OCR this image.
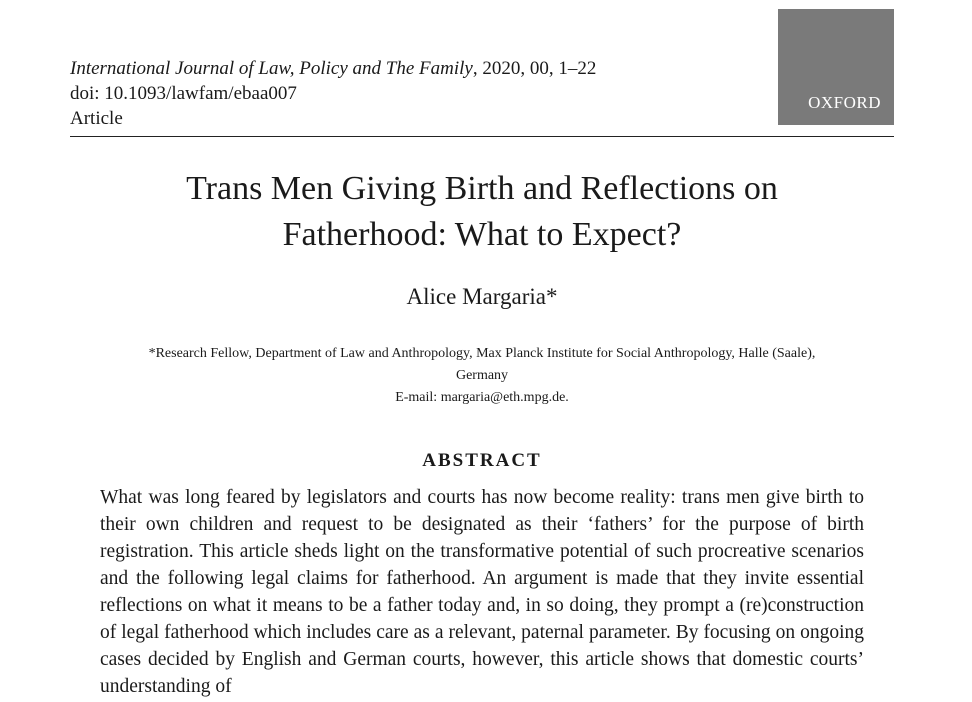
International Journal of Law, Policy and The Family, 2020, 00, 1–22
doi: 10.1093/lawfam/ebaa007
Article
OXFORD
Trans Men Giving Birth and Reflections on
Fatherhood: What to Expect?
Alice Margaria*
*Research Fellow, Department of Law and Anthropology, Max Planck Institute for Social Anthropology, Halle (Saale),
Germany
E-mail: margaria@eth.mpg.de.
ABSTRACT
What was long feared by legislators and courts has now become reality: trans men give birth to their own children and request to be designated as their ‘fathers’ for the purpose of birth registration. This article sheds light on the transformative potential of such procreative scenarios and the following legal claims for fatherhood. An argument is made that they invite essential reflections on what it means to be a father today and, in so doing, they prompt a (re)construction of legal fatherhood which includes care as a relevant, paternal parameter. By focusing on ongoing cases decided by English and German courts, however, this article shows that domestic courts’ understanding of
